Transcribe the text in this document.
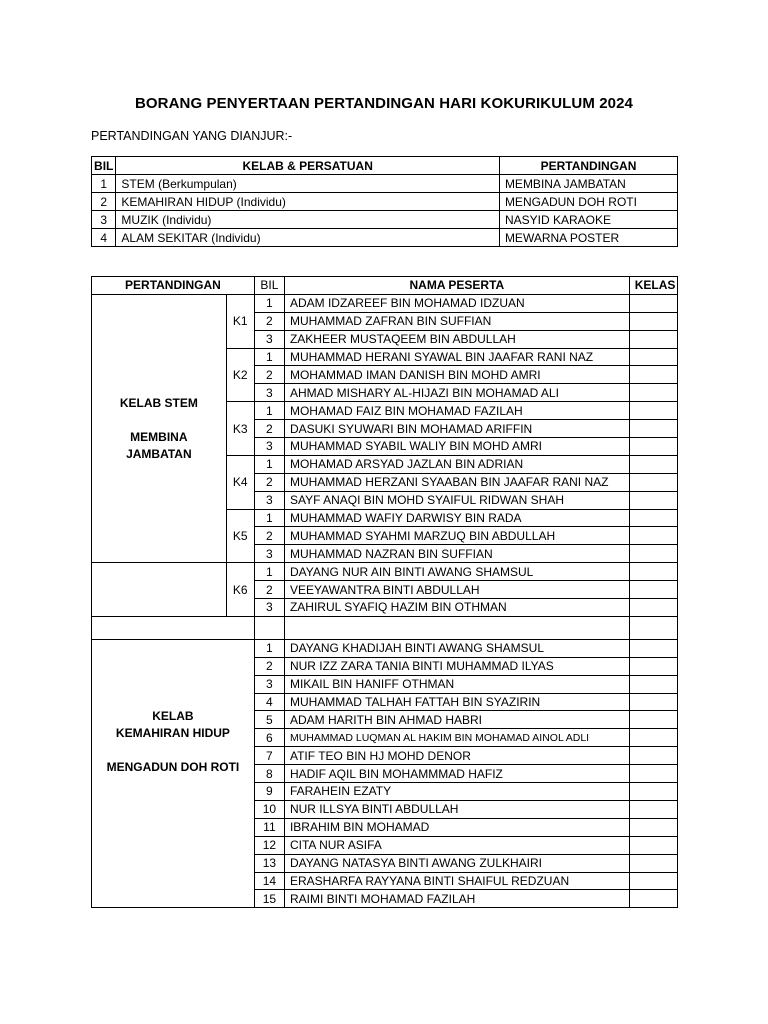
BORANG PENYERTAAN PERTANDINGAN HARI KOKURIKULUM 2024
PERTANDINGAN YANG DIANJUR:-
BIL	KELAB & PERSATUAN	PERTANDINGAN
1	STEM (Berkumpulan)	MEMBINA JAMBATAN
2	KEMAHIRAN HIDUP (Individu)	MENGADUN DOH ROTI
3	MUZIK (Individu)	NASYID KARAOKE
4	ALAM SEKITAR (Individu)	MEWARNA POSTER
PERTANDINGAN		BIL	NAMA PESERTA	KELAS

KELAB STEM
MEMBINA
JAMBATAN	K1	1	ADAM IDZAREEF BIN MOHAMAD IDZUAN	
		2	MUHAMMAD ZAFRAN BIN SUFFIAN	
		3	ZAKHEER MUSTAQEEM BIN ABDULLAH	
	K2	1	MUHAMMAD HERANI SYAWAL BIN JAAFAR RANI NAZ	
		2	MOHAMMAD IMAN DANISH BIN MOHD AMRI	
		3	AHMAD MISHARY AL-HIJAZI BIN MOHAMAD ALI	
	K3	1	MOHAMAD FAIZ BIN MOHAMAD FAZILAH	
		2	DASUKI SYUWARI BIN MOHAMAD ARIFFIN	
		3	MUHAMMAD SYABIL WALIY BIN MOHD AMRI	
	K4	1	MOHAMAD ARSYAD JAZLAN BIN ADRIAN	
		2	MUHAMMAD HERZANI SYAABAN BIN JAAFAR RANI NAZ	
		3	SAYF ANAQI BIN MOHD SYAIFUL RIDWAN SHAH	
	K5	1	MUHAMMAD WAFIY DARWISY BIN RADA	
		2	MUHAMMAD SYAHMI MARZUQ BIN ABDULLAH	
		3	MUHAMMAD NAZRAN BIN SUFFIAN	
	K6	1	DAYANG NUR AIN BINTI AWANG SHAMSUL	
		2	VEEYAWANTRA BINTI ABDULLAH	
		3	ZAHIRUL SYAFIQ HAZIM BIN OTHMAN	

KELAB
KEMAHIRAN HIDUP
MENGADUN DOH ROTI		1	DAYANG KHADIJAH BINTI AWANG SHAMSUL	
		2	NUR IZZ ZARA TANIA BINTI MUHAMMAD ILYAS	
		3	MIKAIL BIN HANIFF OTHMAN	
		4	MUHAMMAD TALHAH FATTAH BIN SYAZIRIN	
		5	ADAM HARITH BIN AHMAD HABRI	
		6	MUHAMMAD LUQMAN AL HAKIM BIN MOHAMAD AINOL ADLI	
		7	ATIF TEO BIN HJ MOHD DENOR	
		8	HADIF AQIL BIN MOHAMMMAD HAFIZ	
		9	FARAHEIN EZATY	
		10	NUR ILLSYA BINTI ABDULLAH	
		11	IBRAHIM BIN MOHAMAD	
		12	CITA NUR ASIFA	
		13	DAYANG NATASYA BINTI AWANG ZULKHAIRI	
		14	ERASHARFA RAYYANA BINTI SHAIFUL REDZUAN	
		15	RAIMI BINTI MOHAMAD FAZILAH	
